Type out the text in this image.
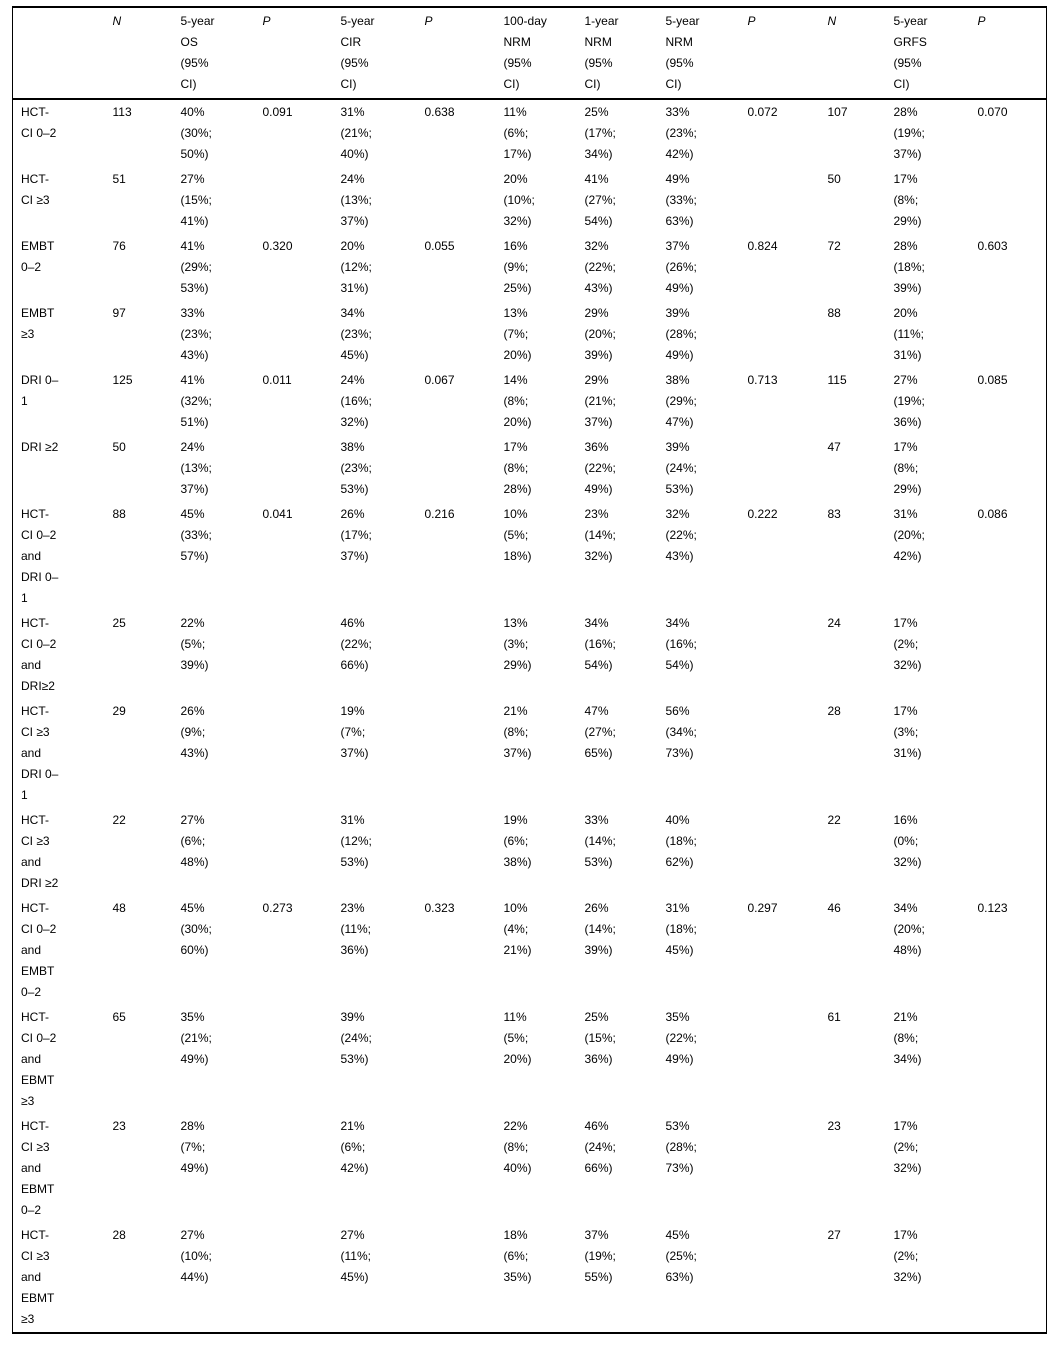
	N	5-year OS (95% CI)	P	5-year CIR (95% CI)	P	100-day NRM (95% CI)	1-year NRM (95% CI)	5-year NRM (95% CI)	P	N	5-year GRFS (95% CI)	P

HCT-CI 0–2	113	40% (30%; 50%)	0.091	31% (21%; 40%)	0.638	11% (6%; 17%)	25% (17%; 34%)	33% (23%; 42%)	0.072	107	28% (19%; 37%)	0.070

HCT-CI ≥3	51	27% (15%; 41%)		24% (13%; 37%)		20% (10%; 32%)	41% (27%; 54%)	49% (33%; 63%)		50	17% (8%; 29%)	

EMBT 0–2	76	41% (29%; 53%)	0.320	20% (12%; 31%)	0.055	16% (9%; 25%)	32% (22%; 43%)	37% (26%; 49%)	0.824	72	28% (18%; 39%)	0.603

EMBT ≥3	97	33% (23%; 43%)		34% (23%; 45%)		13% (7%; 20%)	29% (20%; 39%)	39% (28%; 49%)		88	20% (11%; 31%)	

DRI 0–1	125	41% (32%; 51%)	0.011	24% (16%; 32%)	0.067	14% (8%; 20%)	29% (21%; 37%)	38% (29%; 47%)	0.713	115	27% (19%; 36%)	0.085

DRI ≥2	50	24% (13%; 37%)		38% (23%; 53%)		17% (8%; 28%)	36% (22%; 49%)	39% (24%; 53%)		47	17% (8%; 29%)	

HCT-CI 0–2 and DRI 0–1	88	45% (33%; 57%)	0.041	26% (17%; 37%)	0.216	10% (5%; 18%)	23% (14%; 32%)	32% (22%; 43%)	0.222	83	31% (20%; 42%)	0.086

HCT-CI 0–2 and DRI≥2	25	22% (5%; 39%)		46% (22%; 66%)		13% (3%; 29%)	34% (16%; 54%)	34% (16%; 54%)		24	17% (2%; 32%)	

HCT-CI ≥3 and DRI 0–1	29	26% (9%; 43%)		19% (7%; 37%)		21% (8%; 37%)	47% (27%; 65%)	56% (34%; 73%)		28	17% (3%; 31%)	

HCT-CI ≥3 and DRI ≥2	22	27% (6%; 48%)		31% (12%; 53%)		19% (6%; 38%)	33% (14%; 53%)	40% (18%; 62%)		22	16% (0%; 32%)	

HCT-CI 0–2 and EMBT 0–2	48	45% (30%; 60%)	0.273	23% (11%; 36%)	0.323	10% (4%; 21%)	26% (14%; 39%)	31% (18%; 45%)	0.297	46	34% (20%; 48%)	0.123

HCT-CI 0–2 and EBMT ≥3	65	35% (21%; 49%)		39% (24%; 53%)		11% (5%; 20%)	25% (15%; 36%)	35% (22%; 49%)		61	21% (8%; 34%)	

HCT-CI ≥3 and EBMT 0–2	23	28% (7%; 49%)		21% (6%; 42%)		22% (8%; 40%)	46% (24%; 66%)	53% (28%; 73%)		23	17% (2%; 32%)	

HCT-CI ≥3 and EBMT ≥3	28	27% (10%; 44%)		27% (11%; 45%)		18% (6%; 35%)	37% (19%; 55%)	45% (25%; 63%)		27	17% (2%; 32%)	
